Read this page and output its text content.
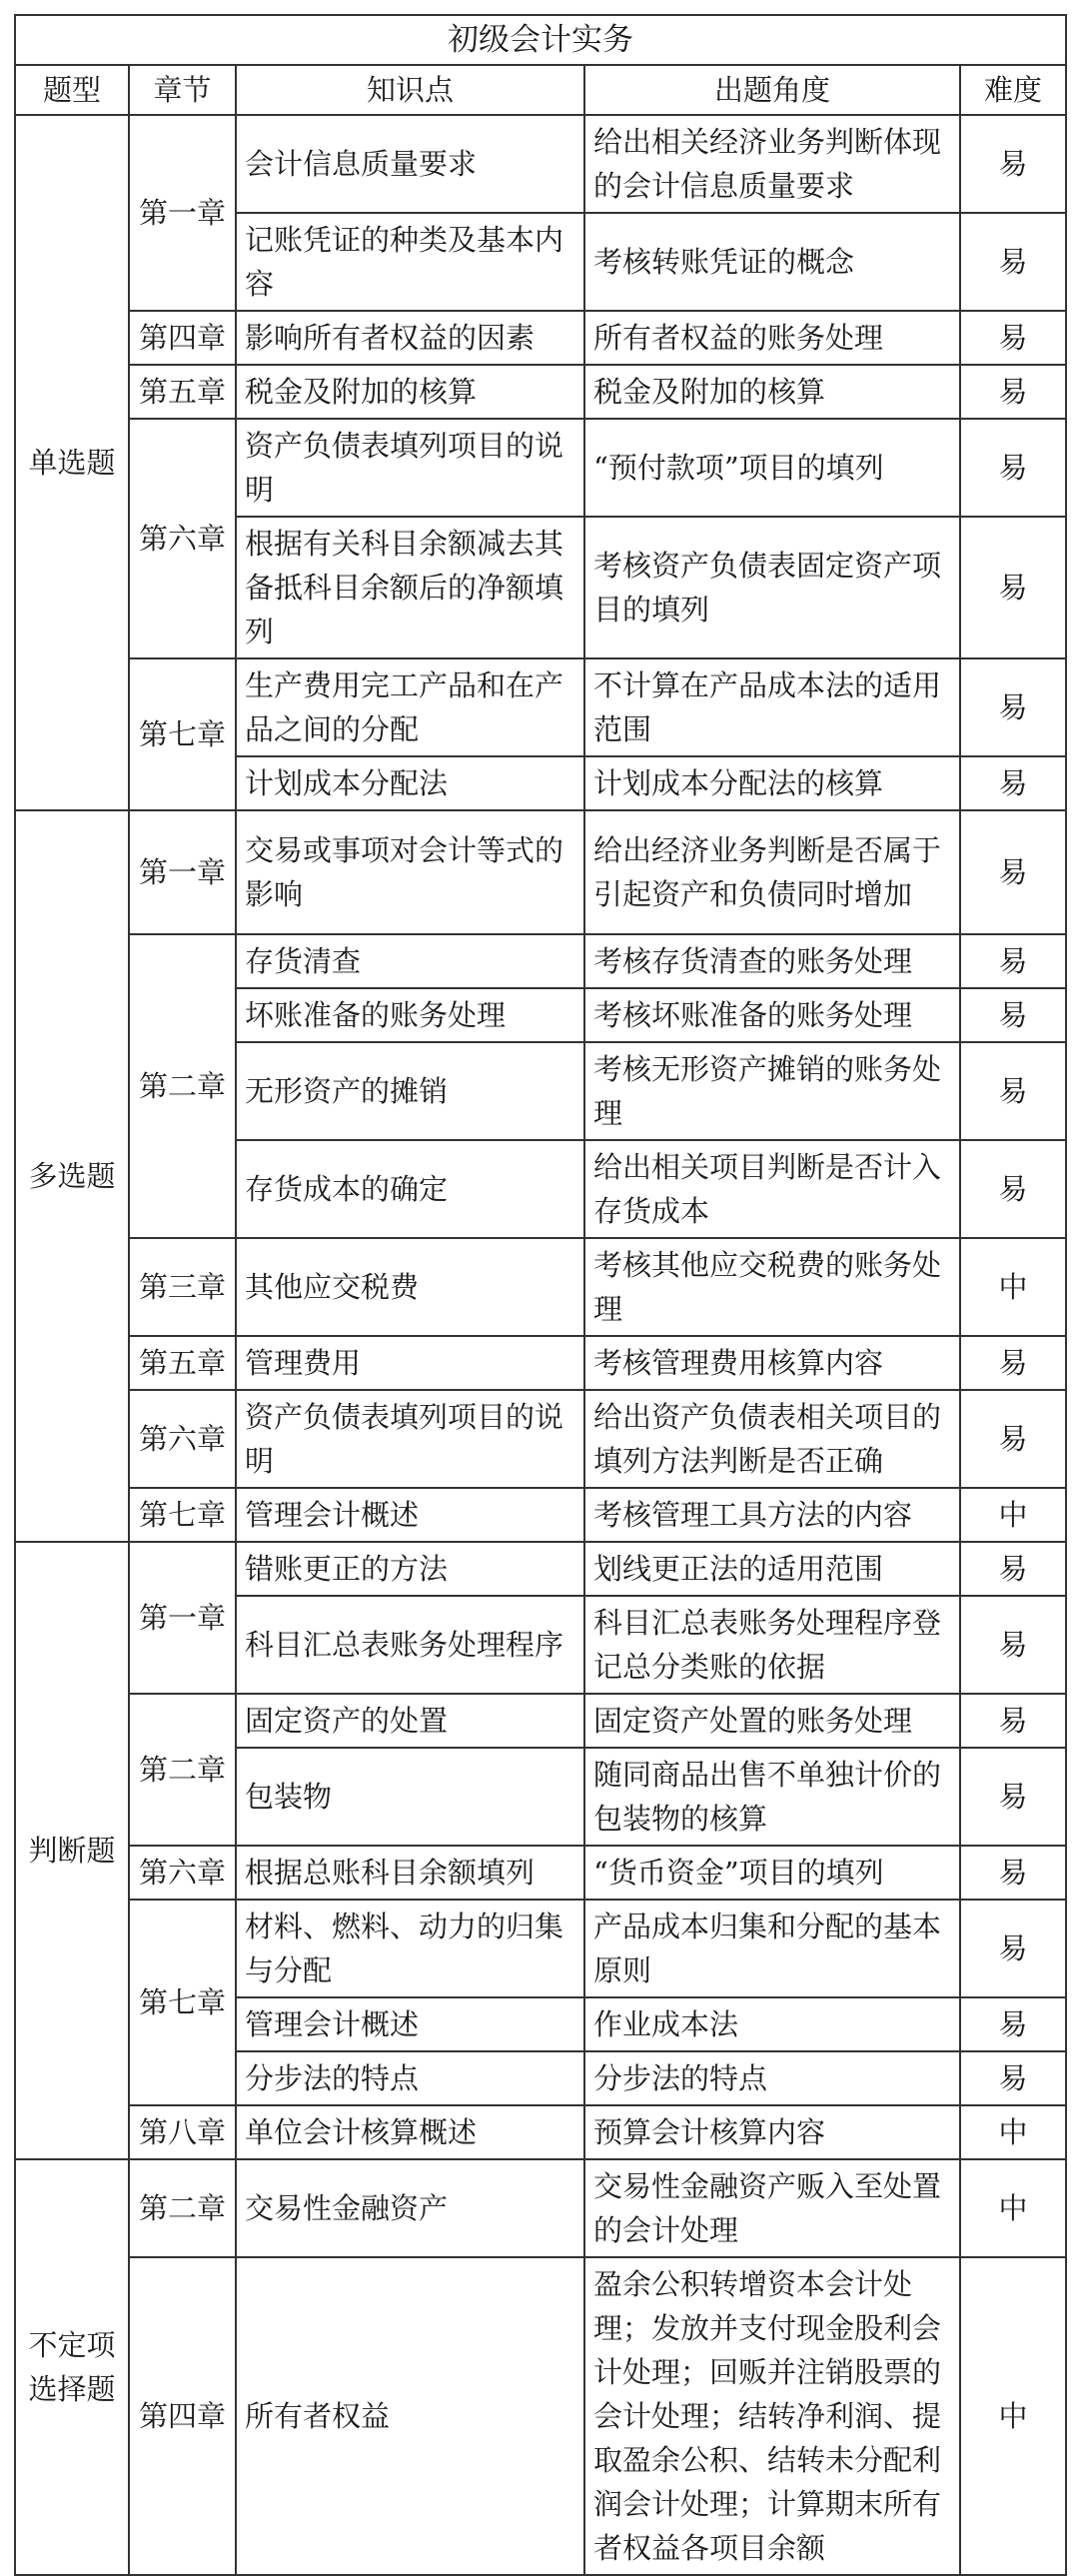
初级会计实务				
题型	章节	知识点	出题角度	难度
单选题	第一章	会计信息质量要求	给出相关经济业务判断体现的会计信息质量要求	易
		记账凭证的种类及基本内容	考核转账凭证的概念	易
	第四章	影响所有者权益的因素	所有者权益的账务处理	易
	第五章	税金及附加的核算	税金及附加的核算	易
	第六章	资产负债表填列项目的说明	“预付款项”项目的填列	易
		根据有关科目余额减去其备抵科目余额后的净额填列	考核资产负债表固定资产项目的填列	易
	第七章	生产费用完工产品和在产品之间的分配	不计算在产品成本法的适用范围	易
		计划成本分配法	计划成本分配法的核算	易
多选题	第一章	交易或事项对会计等式的影响	给出经济业务判断是否属于引起资产和负债同时增加	易
	第二章	存货清查	考核存货清查的账务处理	易
		坏账准备的账务处理	考核坏账准备的账务处理	易
		无形资产的摊销	考核无形资产摊销的账务处理	易
		存货成本的确定	给出相关项目判断是否计入存货成本	易
	第三章	其他应交税费	考核其他应交税费的账务处理	中
	第五章	管理费用	考核管理费用核算内容	易
	第六章	资产负债表填列项目的说明	给出资产负债表相关项目的填列方法判断是否正确	易
	第七章	管理会计概述	考核管理工具方法的内容	中
判断题	第一章	错账更正的方法	划线更正法的适用范围	易
		科目汇总表账务处理程序	科目汇总表账务处理程序登记总分类账的依据	易
	第二章	固定资产的处置	固定资产处置的账务处理	易
		包装物	随同商品出售不单独计价的包装物的核算	易
	第六章	根据总账科目余额填列	“货币资金”项目的填列	易
	第七章	材料、燃料、动力的归集与分配	产品成本归集和分配的基本原则	易
		管理会计概述	作业成本法	易
		分步法的特点	分步法的特点	易
	第八章	单位会计核算概述	预算会计核算内容	中
不定项选择题	第二章	交易性金融资产	交易性金融资产贩入至处置的会计处理	中
	第四章	所有者权益	盈余公积转增资本会计处理；发放并支付现金股利会计处理；回贩并注销股票的会计处理；结转净利润、提取盈余公积、结转未分配利润会计处理；计算期末所有者权益各项目余额	中
